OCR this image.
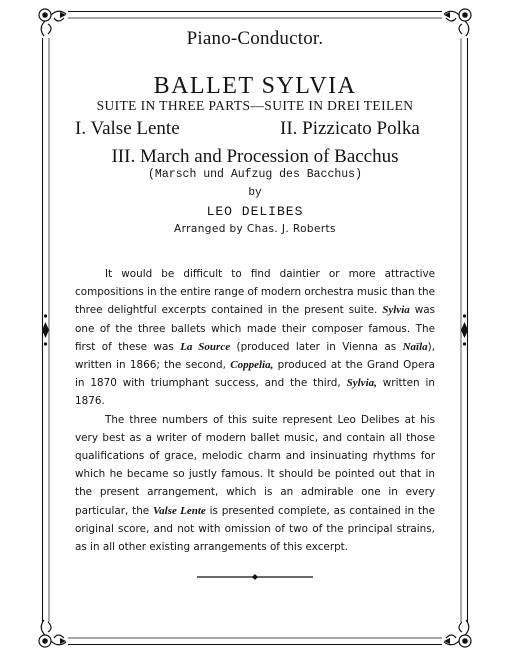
Piano-Conductor.
BALLET SYLVIA
SUITE IN THREE PARTS—SUITE IN DREI TEILEN
I. Valse Lente	II. Pizzicato Polka
III. March and Procession of Bacchus
(Marsch und Aufzug des Bacchus)
by
LEO DELIBES
Arranged by Chas. J. Roberts

It would be difficult to find daintier or more attractive compositions in the entire range of modern orchestra music than the three delightful excerpts contained in the present suite. Sylvia was one of the three ballets which made their composer famous. The first of these was La Source (produced later in Vienna as Naïla), written in 1866; the second, Coppelia, produced at the Grand Opera in 1870 with triumphant success, and the third, Sylvia, written in 1876.

The three numbers of this suite represent Leo Delibes at his very best as a writer of modern ballet music, and contain all those qualifications of grace, melodic charm and insinuating rhythms for which he became so justly famous. It should be pointed out that in the present arrangement, which is an admirable one in every particular, the Valse Lente is presented complete, as contained in the original score, and not with omission of two of the principal strains, as in all other existing arrangements of this excerpt.
